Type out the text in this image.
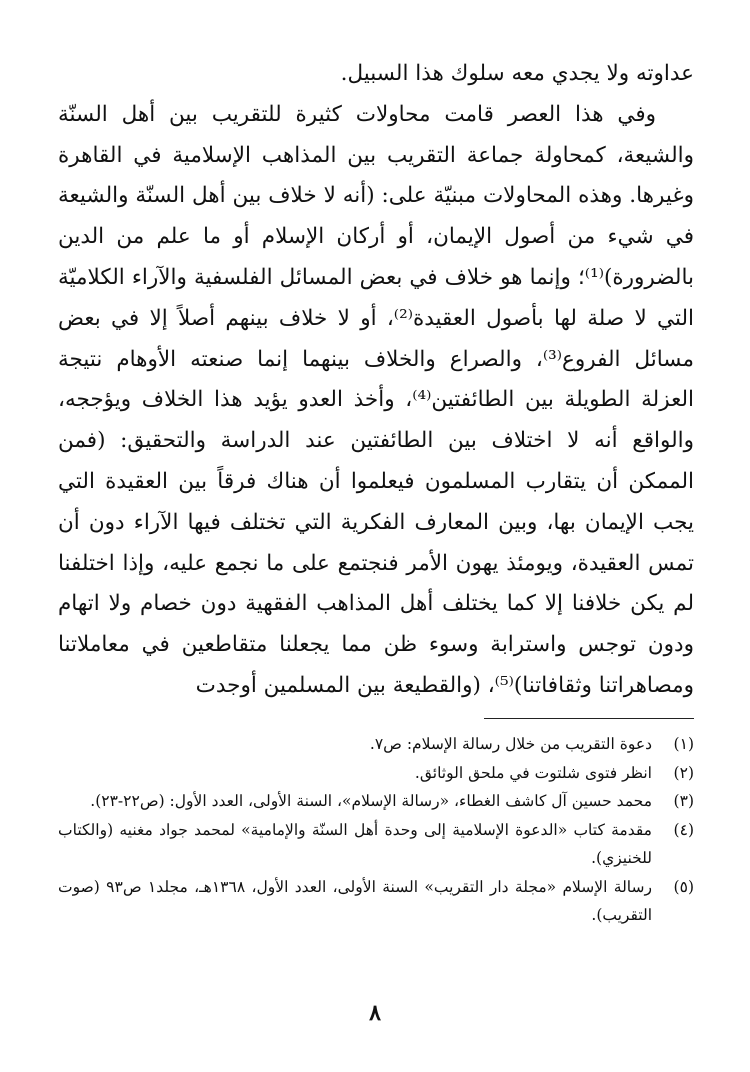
عداوته ولا يجدي معه سلوك هذا السبيل.

وفي هذا العصر قامت محاولات كثيرة للتقريب بين أهل السنّة والشيعة، كمحاولة جماعة التقريب بين المذاهب الإسلامية في القاهرة وغيرها. وهذه المحاولات مبنيّة على: (أنه لا خلاف بين أهل السنّة والشيعة في شيء من أصول الإيمان، أو أركان الإسلام أو ما علم من الدين بالضرورة)⁽¹⁾؛ وإنما هو خلاف في بعض المسائل الفلسفية والآراء الكلاميّة التي لا صلة لها بأصول العقيدة⁽²⁾، أو لا خلاف بينهم أصلاً إلا في بعض مسائل الفروع⁽³⁾، والصراع والخلاف بينهما إنما صنعته الأوهام نتيجة العزلة الطويلة بين الطائفتين⁽⁴⁾، وأخذ العدو يؤيد هذا الخلاف ويؤججه، والواقع أنه لا اختلاف بين الطائفتين عند الدراسة والتحقيق: (فمن الممكن أن يتقارب المسلمون فيعلموا أن هناك فرقاً بين العقيدة التي يجب الإيمان بها، وبين المعارف الفكرية التي تختلف فيها الآراء دون أن تمس العقيدة، ويومئذ يهون الأمر فنجتمع على ما نجمع عليه، وإذا اختلفنا لم يكن خلافنا إلا كما يختلف أهل المذاهب الفقهية دون خصام ولا اتهام ودون توجس واسترابة وسوء ظن مما يجعلنا متقاطعين في معاملاتنا ومصاهراتنا وثقافاتنا)⁽⁵⁾، (والقطيعة بين المسلمين أوجدت

(١)
دعوة التقريب من خلال رسالة الإسلام: ص٧.
(٢)
انظر فتوى شلتوت في ملحق الوثائق.
(٣)
محمد حسين آل كاشف الغطاء، «رسالة الإسلام»، السنة الأولى، العدد الأول: (ص٢٢-٢٣).
(٤)
مقدمة كتاب «الدعوة الإسلامية إلى وحدة أهل السنّة والإمامية» لمحمد جواد مغنيه (والكتاب للخنيزي).
(٥)
رسالة الإسلام «مجلة دار التقريب» السنة الأولى، العدد الأول، ١٣٦٨هـ، مجلد١ ص٩٣ (صوت التقريب).
٨
